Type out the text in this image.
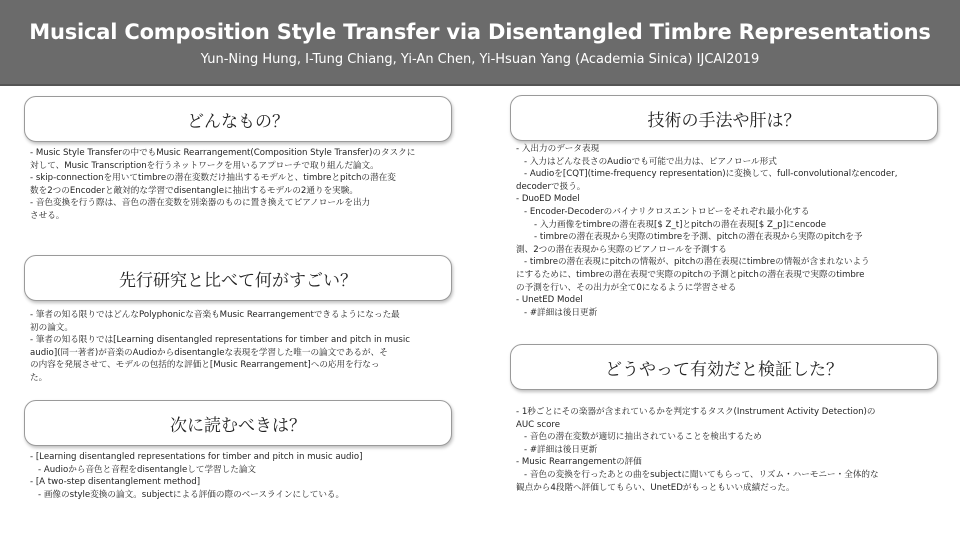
Musical Composition Style Transfer via Disentangled Timbre Representations
Yun-Ning Hung, I-Tung Chiang, Yi-An Chen, Yi-Hsuan Yang (Academia Sinica) IJCAI2019
どんなもの？
- Music Style Transferの中でもMusic Rearrangement(Composition Style Transfer)のタスクに
対して、Music Transcriptionを行うネットワークを用いるアプローチで取り組んだ論文。
- skip-connectionを用いてtimbreの潜在変数だけ抽出するモデルと、timbreとpitchの潜在変
数を2つのEncoderと敵対的な学習でdisentangleに抽出するモデルの2通りを実験。
- 音色変換を行う際は、音色の潜在変数を別楽器のものに置き換えてピアノロールを出力
させる。
先行研究と比べて何がすごい？
- 筆者の知る限りではどんなPolyphonicな音楽もMusic Rearrangementできるようになった最
初の論文。
- 筆者の知る限りでは[Learning disentangled representations for timber and pitch in music
audio](同一著者)が音楽のAudioからdisentangleな表現を学習した唯一の論文であるが、そ
の内容を発展させて、モデルの包括的な評価と[Music Rearrangement]への応用を行なっ
た。
次に読むべきは？
- [Learning disentangled representations for timber and pitch in music audio]
- Audioから音色と音程をdisentangleして学習した論文
- [A two-step disentanglement method]
- 画像のstyle変換の論文。subjectによる評価の際のベースラインにしている。
技術の手法や肝は？
- 入出力のデータ表現
- 入力はどんな長さのAudioでも可能で出力は、ピアノロール形式
- Audioを[CQT](time-frequency representation)に変換して、full-convolutionalなencoder,
decoderで扱う。
- DuoED Model
- Encoder-Decoderのバイナリクロスエントロピーをそれぞれ最小化する
- 入力画像をtimbreの潜在表現[$ Z_t]とpitchの潜在表現[$ Z_p]にencode
- timbreの潜在表現から実際のtimbreを予測、pitchの潜在表現から実際のpitchを予
測、2つの潜在表現から実際のピアノロールを予測する
- timbreの潜在表現にpitchの情報が、pitchの潜在表現にtimbreの情報が含まれないよう
にするために、timbreの潜在表現で実際のpitchの予測とpitchの潜在表現で実際のtimbre
の予測を行い、その出力が全て0になるように学習させる
- UnetED Model
- #詳細は後日更新
どうやって有効だと検証した？
- 1秒ごとにその楽器が含まれているかを判定するタスク(Instrument Activity Detection)の
AUC score
- 音色の潜在変数が適切に抽出されていることを検出するため
- #詳細は後日更新
- Music Rearrangementの評価
- 音色の変換を行ったあとの曲をsubjectに聞いてもらって、リズム・ハーモニー・全体的な
観点から4段階へ評価してもらい、UnetEDがもっともいい成績だった。
